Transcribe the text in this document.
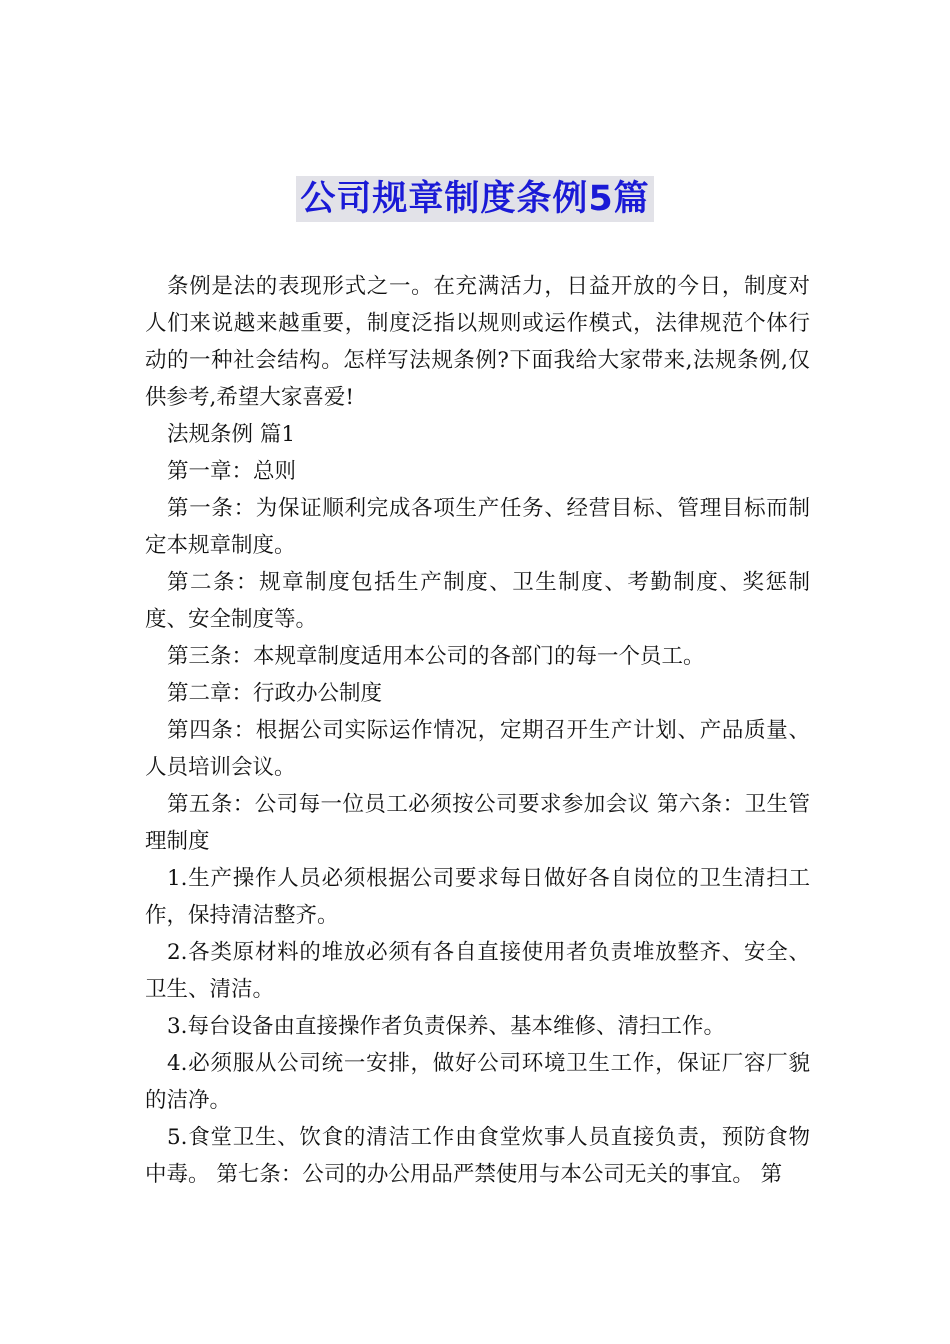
公司规章制度条例5篇

条例是法的表现形式之一。在充满活力，日益开放的今日，制度对人们来说越来越重要，制度泛指以规则或运作模式，法律规范个体行动的一种社会结构。怎样写法规条例?下面我给大家带来,法规条例,仅供参考,希望大家喜爱!

法规条例 篇1

第一章：总则

第一条：为保证顺利完成各项生产任务、经营目标、管理目标而制定本规章制度。

第二条：规章制度包括生产制度、卫生制度、考勤制度、奖惩制度、安全制度等。

第三条：本规章制度适用本公司的各部门的每一个员工。

第二章：行政办公制度

第四条：根据公司实际运作情况，定期召开生产计划、产品质量、人员培训会议。

第五条：公司每一位员工必须按公司要求参加会议 第六条：卫生管理制度

1.生产操作人员必须根据公司要求每日做好各自岗位的卫生清扫工作，保持清洁整齐。

2.各类原材料的堆放必须有各自直接使用者负责堆放整齐、安全、卫生、清洁。

3.每台设备由直接操作者负责保养、基本维修、清扫工作。

4.必须服从公司统一安排，做好公司环境卫生工作，保证厂容厂貌的洁净。

5.食堂卫生、饮食的清洁工作由食堂炊事人员直接负责，预防食物中毒。 第七条：公司的办公用品严禁使用与本公司无关的事宜。 第
